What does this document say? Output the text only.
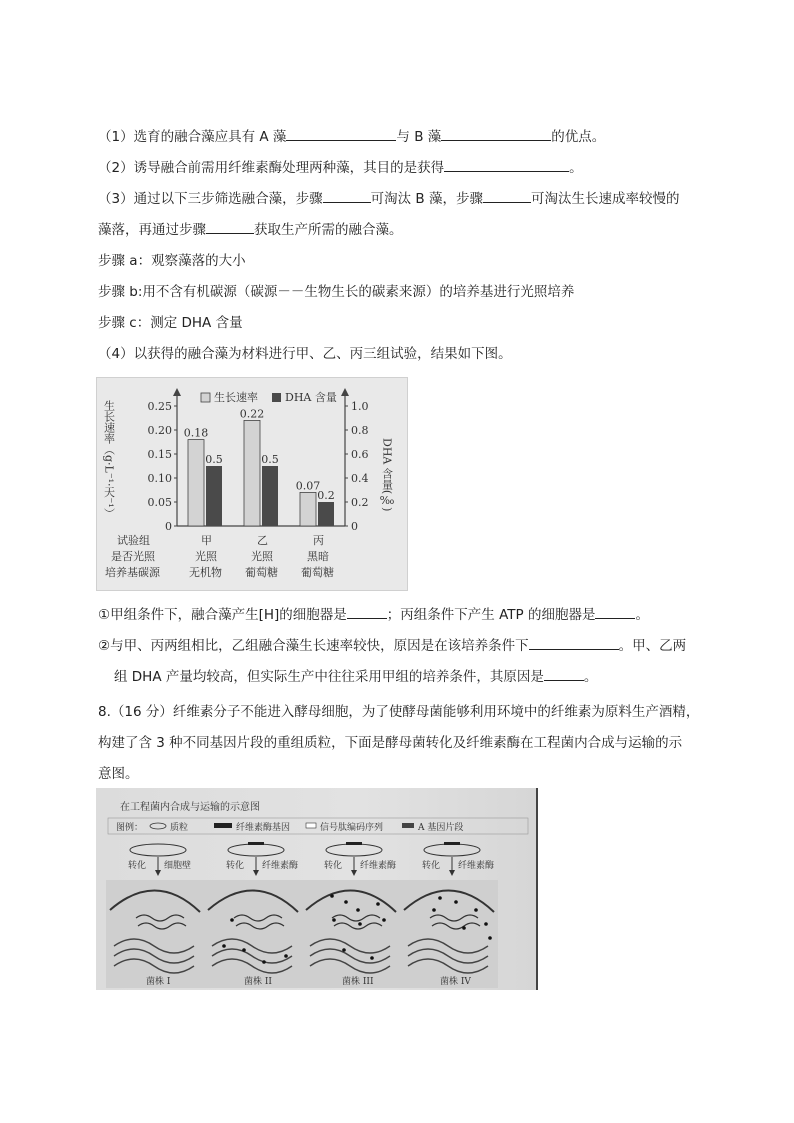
（1）选育的融合藻应具有 A 藻	与 B 藻	的优点。
（2）诱导融合前需用纤维素酶处理两种藻，其目的是获得	。
（3）通过以下三步筛选融合藻，步骤	可淘汰 B 藻，步骤	可淘汰生长速成率较慢的
藻落，再通过步骤	获取生产所需的融合藻。
步骤 a：观察藻落的大小
步骤 b:用不含有机碳源（碳源－－生物生长的碳素来源）的培养基进行光照培养
步骤 c：测定 DHA 含量
（4）以获得的融合藻为材料进行甲、乙、丙三组试验，结果如下图。
生长速率（g·L⁻¹·天⁻¹）	DHA 含量(‰)
生长速率 DHA 含量
试验组
是否光照
培养基碳源
甲	乙	丙
光照	光照	黑暗
无机物 葡萄糖 葡萄糖
0
0.05
0.10
0.15
0.20
0.25
0
0.2
0.4
0.6
0.8
1.0
0.18
0.5
0.22
0.5
0.07
0.2
①甲组条件下，融合藻产生[H]的细胞器是	；丙组条件下产生 ATP 的细胞器是	。
②与甲、丙两组相比，乙组融合藻生长速率较快，原因是在该培养条件下	。甲、乙两
组 DHA 产量均较高，但实际生产中往往采用甲组的培养条件，其原因是	。
8.（16 分）纤维素分子不能进入酵母细胞，为了使酵母菌能够利用环境中的纤维素为原料生产酒精，
构建了含 3 种不同基因片段的重组质粒，下面是酵母菌转化及纤维素酶在工程菌内合成与运输的示
意图。
在工程菌内合成与运输的示意图
图例：	质粒	纤维素酶基因	信号肽编码序列	A 基因片段
转化 细胞壁
菌株 I
转化 纤维素酶
菌株 II
转化 纤维素酶
菌株 III
转化 纤维素酶
菌株 IV
